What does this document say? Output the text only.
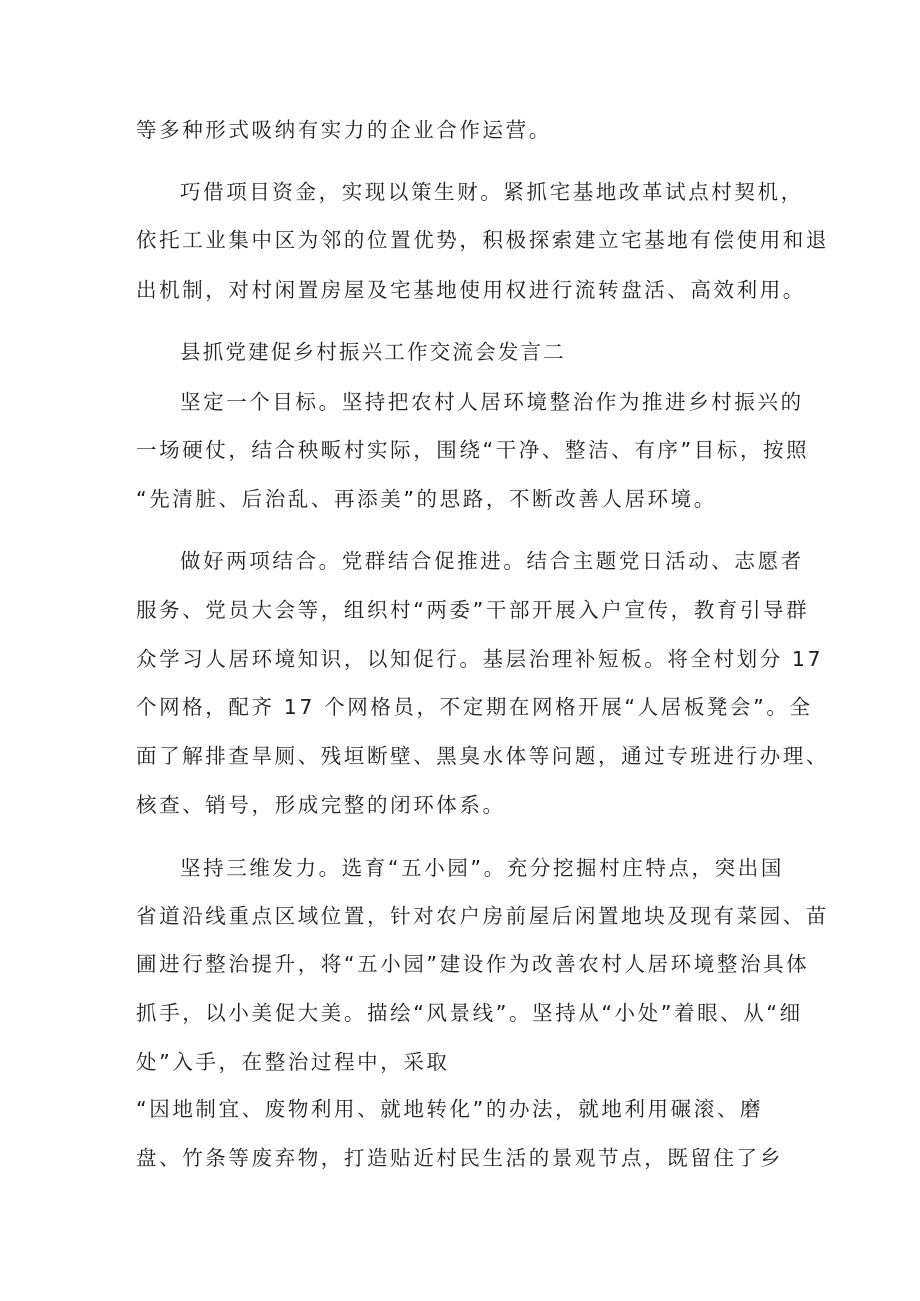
等多种形式吸纳有实力的企业合作运营。
巧借项目资金，实现以策生财。紧抓宅基地改革试点村契机，
依托工业集中区为邻的位置优势，积极探索建立宅基地有偿使用和退
出机制，对村闲置房屋及宅基地使用权进行流转盘活、高效利用。
县抓党建促乡村振兴工作交流会发言二
坚定一个目标。坚持把农村人居环境整治作为推进乡村振兴的
一场硬仗，结合秧畈村实际，围绕“干净、整洁、有序”目标，按照
“先清脏、后治乱、再添美”的思路，不断改善人居环境。
做好两项结合。党群结合促推进。结合主题党日活动、志愿者
服务、党员大会等，组织村“两委”干部开展入户宣传，教育引导群
众学习人居环境知识，以知促行。基层治理补短板。将全村划分 17
个网格，配齐 17 个网格员，不定期在网格开展“人居板凳会”。全
面了解排查旱厕、残垣断壁、黑臭水体等问题，通过专班进行办理、
核查、销号，形成完整的闭环体系。
坚持三维发力。选育“五小园”。充分挖掘村庄特点，突出国
省道沿线重点区域位置，针对农户房前屋后闲置地块及现有菜园、苗
圃进行整治提升，将“五小园”建设作为改善农村人居环境整治具体
抓手，以小美促大美。描绘“风景线”。坚持从“小处”着眼、从“细
处”入手，在整治过程中，采取
“因地制宜、废物利用、就地转化”的办法，就地利用碾滚、磨
盘、竹条等废弃物，打造贴近村民生活的景观节点，既留住了乡
